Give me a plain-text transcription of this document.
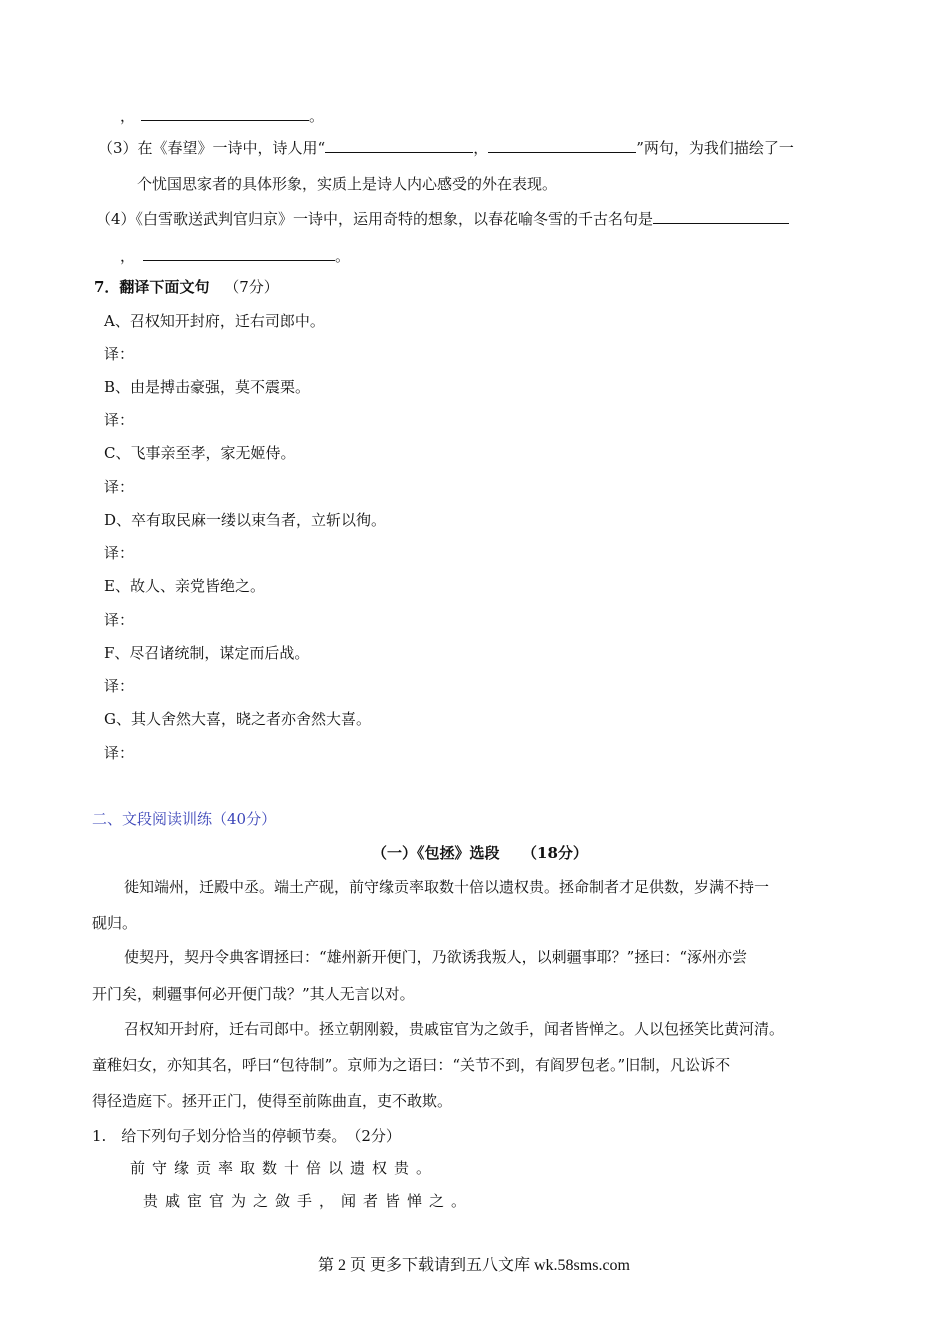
，	。
（3）在《春望》一诗中，诗人用“	，	”两句，为我们描绘了一
个忧国思家者的具体形象，实质上是诗人内心感受的外在表现。
（4）《白雪歌送武判官归京》一诗中，运用奇特的想象，以春花喻冬雪的千古名句是
，	。
7．翻译下面文句 （7分）
A、召权知开封府，迁右司郎中。
译：
B、由是搏击豪强，莫不震栗。
译：
C、飞事亲至孝，家无姬侍。
译：
D、卒有取民麻一缕以束刍者，立斩以徇。
译：
E、故人、亲党皆绝之。
译：
F、尽召诸统制，谋定而后战。
译：
G、其人舍然大喜，晓之者亦舍然大喜。
译：
二、文段阅读训练（40分）
（一）《包拯》选段　　（18分）
徙知端州，迁殿中丞。端土产砚，前守缘贡率取数十倍以遗权贵。拯命制者才足供数，岁满不持一
砚归。
使契丹，契丹令典客谓拯曰：“雄州新开便门，乃欲诱我叛人，以刺疆事耶？”拯曰：“涿州亦尝
开门矣，刺疆事何必开便门哉？”其人无言以对。
召权知开封府，迁右司郎中。拯立朝刚毅，贵戚宦官为之敛手，闻者皆惮之。人以包拯笑比黄河清。
童稚妇女，亦知其名，呼曰“包待制”。京师为之语曰：“关节不到，有阎罗包老。”旧制，凡讼诉不
得径造庭下。拯开正门，使得至前陈曲直，吏不敢欺。
1.　给下列句子划分恰当的停顿节奏。　（2分）
前守缘贡率取数十倍以遗权贵。
贵戚宦官为之敛手，闻者皆惮之。
第 2 页 更多下载请到五八文库 wk.58sms.com
